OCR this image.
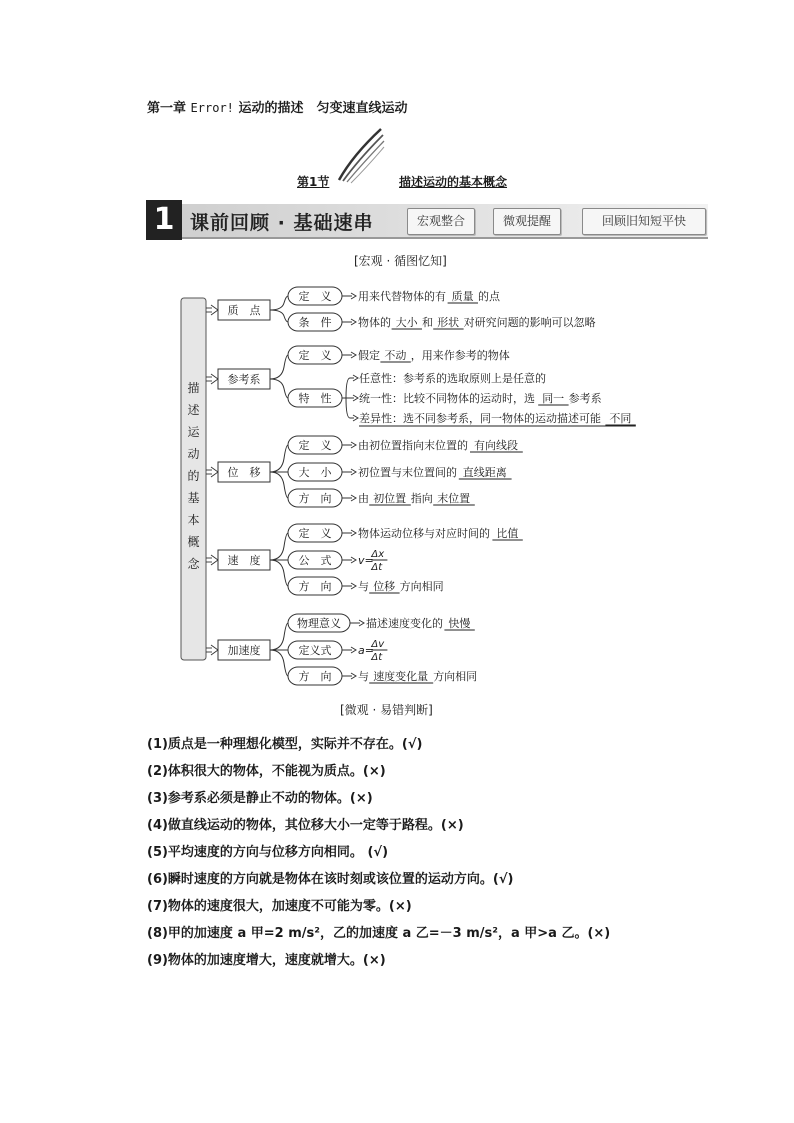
第一章 Error! 运动的描述　匀变速直线运动
第1节	描述运动的基本概念
1 课前回顾 · 基础速串	宏观整合	微观提醒	回顾旧知短平快
[宏观 · 循图忆知]
[微观 · 易错判断]
描
述
运
动
的
基
本
概
念
质　点
定　义 用来代替物体的有 质量 的点
条　件 物体的 大小 和 形状 对研究问题的影响可以忽略
参考系
定　义 假定 不动 ，用来作参考的物体
特　性
任意性：参考系的选取原则上是任意的
统一性：比较不同物体的运动时，选 同一 参考系
差异性：选不同参考系，同一物体的运动描述可能 不同
位　移
定　义 由初位置指向末位置的 有向线段
大　小 初位置与末位置间的 直线距离
方　向 由 初位置 指向 末位置
速　度
定　义 物体运动位移与对应时间的 比值
公　式 v=
Δx
Δt
方　向 与 位移 方向相同
加速度
物理意义 描述速度变化的 快慢
定义式 a=
Δv
Δt
方　向 与 速度变化量 方向相同
(1)质点是一种理想化模型，实际并不存在。(√)
(2)体积很大的物体，不能视为质点。(×)
(3)参考系必须是静止不动的物体。(×)
(4)做直线运动的物体，其位移大小一定等于路程。(×)
(5)平均速度的方向与位移方向相同。 (√)
(6)瞬时速度的方向就是物体在该时刻或该位置的运动方向。(√)
(7)物体的速度很大，加速度不可能为零。(×)
(8)甲的加速度 a 甲=2 m/s²，乙的加速度 a 乙=－3 m/s²，a 甲>a 乙。(×)
(9)物体的加速度增大，速度就增大。(×)
